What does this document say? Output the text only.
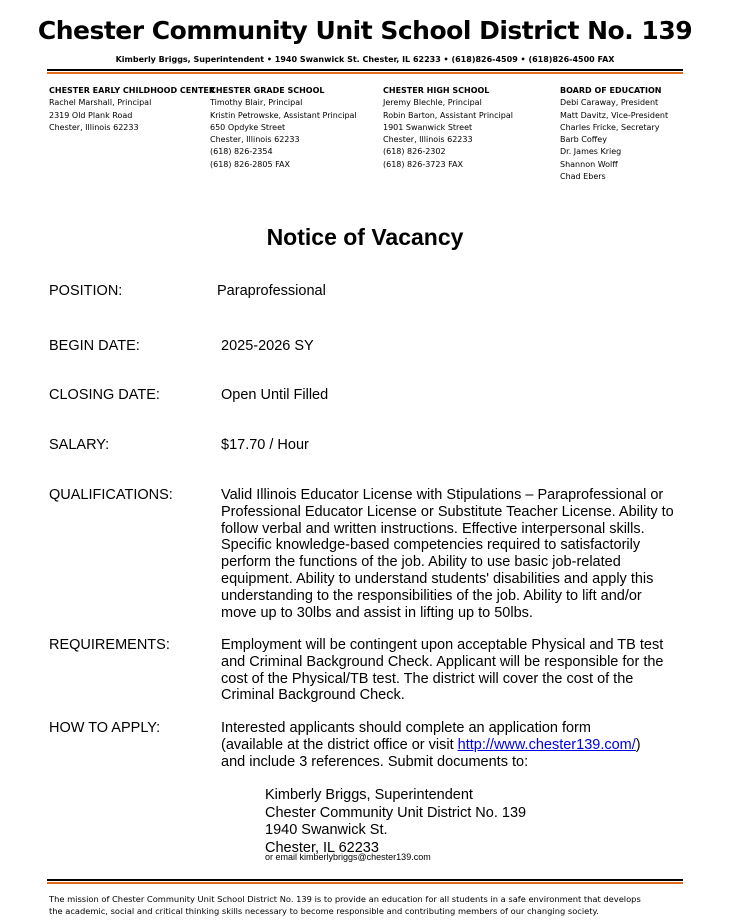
Chester Community Unit School District No. 139
Kimberly Briggs, Superintendent • 1940 Swanwick St. Chester, IL 62233 • (618)826-4509 • (618)826-4500 FAX
CHESTER EARLY CHILDHOOD CENTER
Rachel Marshall, Principal
2319 Old Plank Road
Chester, Illinois 62233
CHESTER GRADE SCHOOL
Timothy Blair, Principal
Kristin Petrowske, Assistant Principal
650 Opdyke Street
Chester, Illinois 62233
(618) 826-2354
(618) 826-2805 FAX
CHESTER HIGH SCHOOL
Jeremy Blechle, Principal
Robin Barton, Assistant Principal
1901 Swanwick Street
Chester, Illinois 62233
(618) 826-2302
(618) 826-3723 FAX
BOARD OF EDUCATION
Debi Caraway, President
Matt Davitz, Vice-President
Charles Fricke, Secretary
Barb Coffey
Dr. James Krieg
Shannon Wolff
Chad Ebers
Notice of Vacancy
POSITION:	Paraprofessional
BEGIN DATE:	2025-2026 SY
CLOSING DATE:	Open Until Filled
SALARY:	$17.70 / Hour
QUALIFICATIONS:	Valid Illinois Educator License with Stipulations – Paraprofessional or
Professional Educator License or Substitute Teacher License. Ability to
follow verbal and written instructions. Effective interpersonal skills.
Specific knowledge-based competencies required to satisfactorily
perform the functions of the job. Ability to use basic job-related
equipment. Ability to understand students' disabilities and apply this
understanding to the responsibilities of the job. Ability to lift and/or
move up to 30lbs and assist in lifting up to 50lbs.
REQUIREMENTS:	Employment will be contingent upon acceptable Physical and TB test
and Criminal Background Check. Applicant will be responsible for the
cost of the Physical/TB test. The district will cover the cost of the
Criminal Background Check.
HOW TO APPLY:	Interested applicants should complete an application form
(available at the district office or visit http://www.chester139.com/)
and include 3 references. Submit documents to:
Kimberly Briggs, Superintendent
Chester Community Unit District No. 139
1940 Swanwick St.
Chester, IL 62233
or email kimberlybriggs@chester139.com
The mission of Chester Community Unit School District No. 139 is to provide an education for all students in a safe environment that develops
the academic, social and critical thinking skills necessary to become responsible and contributing members of our changing society.
